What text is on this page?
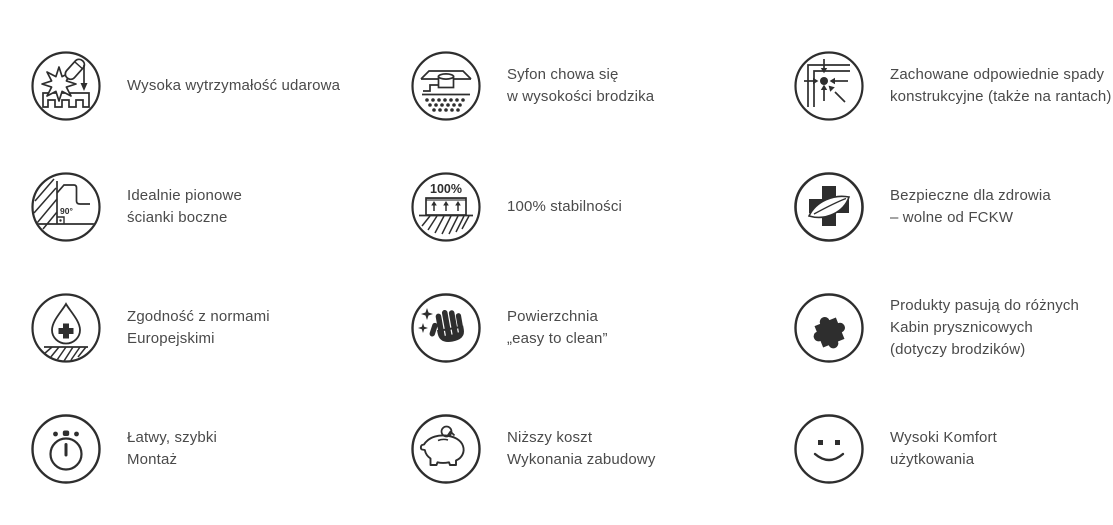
Wysoka wytrzymałość udarowa
Syfon chowa się
w wysokości brodzika
Zachowane odpowiednie spady
konstrukcyjne (także na rantach)
90°
Idealnie pionowe
ścianki boczne
100%
100% stabilności
Bezpieczne dla zdrowia
– wolne od FCKW
Zgodność z normami
Europejskimi
Powierzchnia
„easy to clean”
Produkty pasują do różnych
Kabin prysznicowych
(dotyczy brodzików)
Łatwy, szybki
Montaż
Niższy koszt
Wykonania zabudowy
Wysoki Komfort
użytkowania
